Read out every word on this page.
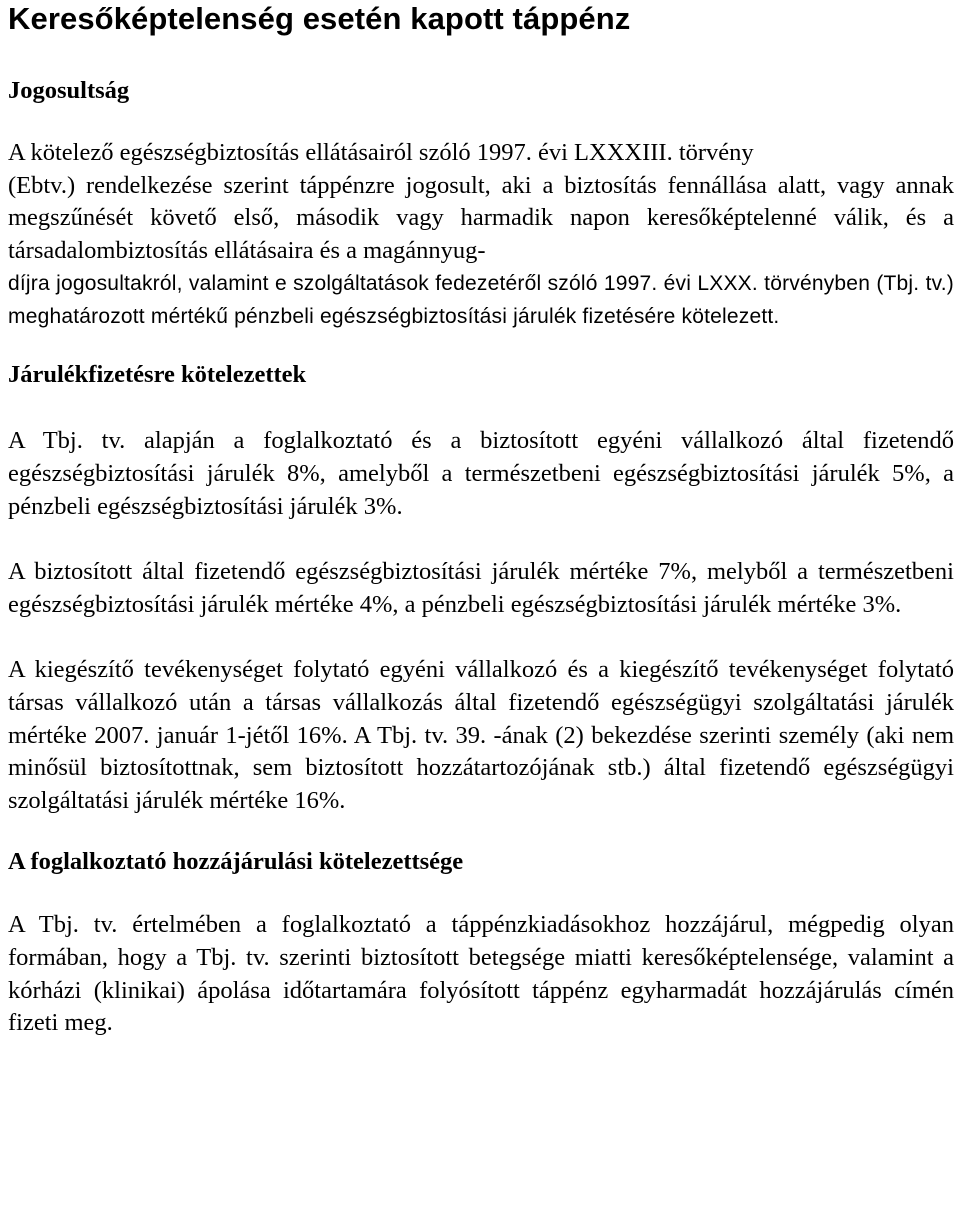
Keresőképtelenség esetén kapott táppénz
Jogosultság

A kötelező egészségbiztosítás ellátásairól szóló 1997. évi LXXXIII. törvény

(Ebtv.) rendelkezése szerint táppénzre jogosult, aki a biztosítás fennállása alatt, vagy annak megszűnését követő első, második vagy harmadik napon keresőképtelenné válik, és a társadalombiztosítás ellátásaira és a magánnyug-

díjra jogosultakról, valamint e szolgáltatások fedezetéről szóló 1997. évi LXXX. törvényben (Tbj. tv.) meghatározott mértékű pénzbeli egészségbiztosítási járulék fizetésére kötelezett.

Járulékfizetésre kötelezettek

A Tbj. tv. alapján a foglalkoztató és a biztosított egyéni vállalkozó által fizetendő egészségbiztosítási járulék 8%, amelyből a természetbeni egészségbiztosítási járulék 5%, a pénzbeli egészségbiztosítási járulék 3%.

A biztosított által fizetendő egészségbiztosítási járulék mértéke 7%, melyből a természetbeni egészségbiztosítási járulék mértéke 4%, a pénzbeli egészségbiztosítási járulék mértéke 3%.

A kiegészítő tevékenységet folytató egyéni vállalkozó és a kiegészítő tevékenységet folytató társas vállalkozó után a társas vállalkozás által fizetendő egészségügyi szolgáltatási járulék mértéke 2007. január 1-jétől 16%. A Tbj. tv. 39. -ának (2) bekezdése szerinti személy (aki nem minősül biztosítottnak, sem biztosított hozzátartozójának stb.) által fizetendő egészségügyi szolgáltatási járulék mértéke 16%.

A foglalkoztató hozzájárulási kötelezettsége

A Tbj. tv. értelmében a foglalkoztató a táppénzkiadásokhoz hozzájárul, mégpedig olyan formában, hogy a Tbj. tv. szerinti biztosított betegsége miatti keresőképtelensége, valamint a kórházi (klinikai) ápolása időtartamára folyósított táppénz egyharmadát hozzájárulás címén fizeti meg.
